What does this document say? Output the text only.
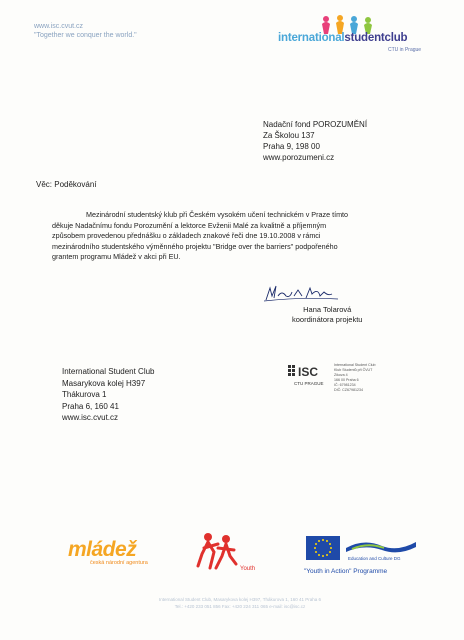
www.isc.cvut.cz
"Together we conquer the world."	internationalstudentclub
CTU in Prague
Nadační fond POROZUMĚNÍ
Za Školou 137
Praha 9, 198 00
www.porozumeni.cz
Věc: Poděkování
Mezinárodní studentský klub při Českém vysokém učení technickém v Praze tímto
děkuje Nadačnímu fondu Porozumění a lektorce Evženii Malé za kvalitně a příjemným
způsobem provedenou přednášku o základech znakové řeči dne 19.10.2008 v rámci
mezinárodního studentského výměnného projektu "Bridge over the barriers" podpořeného
grantem programu Mládež v akci při EU.
Hana Tolarová
koordinátora projektu
International Student Club
Masarykova kolej H397
Thákurova 1
Praha 6, 160 41
www.isc.cvut.cz
ISC
CTU PRAGUE
International Student Club
Klub Studentů při ČVUT
Zikova 4
166 00 Praha 6
IČ: 67981234
DIČ: CZ67981234
mládež
česká národní agentura
Youth
Education and Culture DG
"Youth in Action" Programme
International Student Club, Masarykova kolej H397, Thákurova 1, 160 41 Praha 6
Tel.: +420 233 051 856 Fax: +420 224 311 065 e-mail: isc@isc.cz
